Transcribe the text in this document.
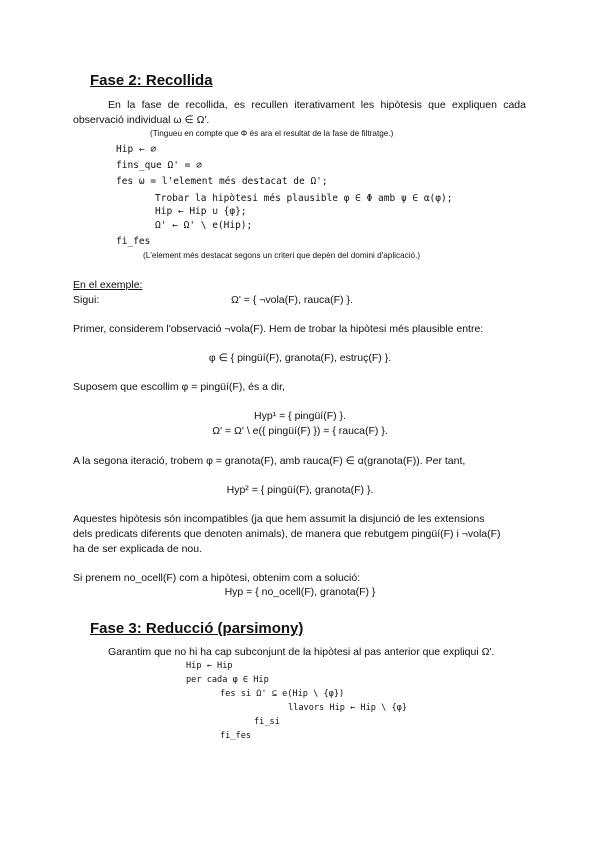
Fase 2: Recollida
En la fase de recollida, es recullen iterativament les hipòtesis que expliquen cada
observació individual ω ∈ Ω'.
(Tingueu en compte que Φ és ara el resultat de la fase de filtratge.)
Hip ← ∅
fins_que Ω' = ∅
fes ω = l'element més destacat de Ω';
Trobar la hipòtesi més plausible φ ∈ Φ amb ψ ∈ α(φ);
Hip ← Hip ∪ {φ};
Ω' ← Ω' \ e(Hip);
fi_fes
(L'element més destacat segons un criteri que depèn del domini d'aplicació.)
En el exemple:
Sigui:	Ω' = { ¬vola(F), rauca(F) }.
Primer, considerem l'observació ¬vola(F). Hem de trobar la hipòtesi més plausible entre:
φ ∈ { pingüí(F), granota(F), estruç(F) }.
Suposem que escollim φ = pingüí(F), és a dir,
Hyp¹ = { pingüí(F) }.
Ω' = Ω' \ e({ pingüí(F) }) = { rauca(F) }.
A la segona iteració, trobem φ = granota(F), amb rauca(F) ∈ α(granota(F)). Per tant,
Hyp² = { pingüí(F), granota(F) }.
Aquestes hipòtesis són incompatibles (ja que hem assumit la disjunció de les extensions
dels predicats diferents que denoten animals), de manera que rebutgem pingüí(F) i ¬vola(F)
ha de ser explicada de nou.
Si prenem no_ocell(F) com a hipòtesi, obtenim com a solució:
Hyp = { no_ocell(F), granota(F) }
Fase 3: Reducció (parsimony)
Garantim que no hi ha cap subconjunt de la hipòtesi al pas anterior que expliqui Ω'.
Hip ← Hip
per cada φ ∈ Hip
fes si Ω' ⊆ e(Hip \ {φ})
llavors Hip ← Hip \ {φ}
fi_si
fi_fes
